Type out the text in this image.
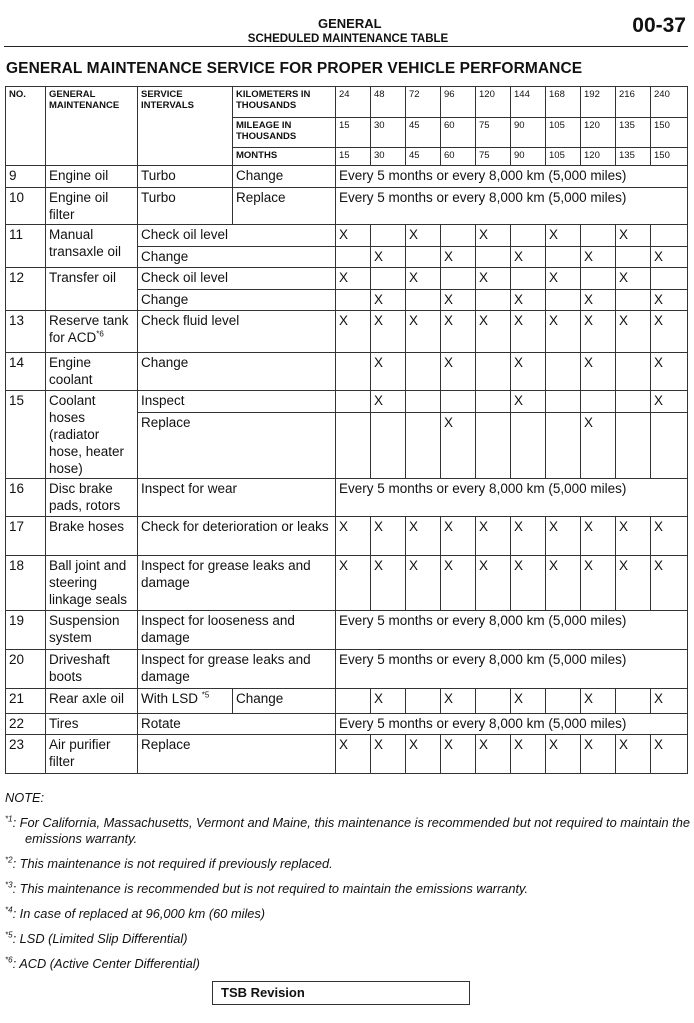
GENERAL
SCHEDULED MAINTENANCE TABLE
00-37
GENERAL MAINTENANCE SERVICE FOR PROPER VEHICLE PERFORMANCE
NO.	GENERAL MAINTENANCE	SERVICE INTERVALS	KILOMETERS IN THOUSANDS	24	48	72	96	120	144	168	192	216	240
			MILEAGE IN THOUSANDS	15	30	45	60	75	90	105	120	135	150
			MONTHS	15	30	45	60	75	90	105	120	135	150
9	Engine oil	Turbo	Change	Every 5 months or every 8,000 km (5,000 miles)									
10	Engine oil filter	Turbo	Replace	Every 5 months or every 8,000 km (5,000 miles)									
11	Manual transaxle oil	Check oil level		X		X		X		X		X	
		Change			X		X		X		X		X
12	Transfer oil	Check oil level		X		X		X		X		X	
		Change			X		X		X		X		X
13	Reserve tank for ACD$^{*6}$	Check fluid level		X	X	X	X	X	X	X	X	X	X
14	Engine coolant	Change			X		X		X		X		X
15	Coolant hoses (radiator hose, heater hose)	Inspect			X				X				X
		Replace					X				X		
16	Disc brake pads, rotors	Inspect for wear		Every 5 months or every 8,000 km (5,000 miles)									
17	Brake hoses	Check for deterioration or leaks		X	X	X	X	X	X	X	X	X	X
18	Ball joint and steering linkage seals	Inspect for grease leaks and damage		X	X	X	X	X	X	X	X	X	X
19	Suspension system	Inspect for looseness and damage		Every 5 months or every 8,000 km (5,000 miles)									
20	Driveshaft boots	Inspect for grease leaks and damage		Every 5 months or every 8,000 km (5,000 miles)									
21	Rear axle oil	With LSD $^{*5}$	Change		X		X		X		X		X
22	Tires	Rotate		Every 5 months or every 8,000 km (5,000 miles)									
23	Air purifier filter	Replace		X	X	X	X	X	X	X	X	X	X
NOTE:

$^{*1}$: For California, Massachusetts, Vermont and Maine, this maintenance is recommended but not required to maintain the emissions warranty.

$^{*2}$: This maintenance is not required if previously replaced.

$^{*3}$: This maintenance is recommended but is not required to maintain the emissions warranty.

$^{*4}$: In case of replaced at 96,000 km (60 miles)

$^{*5}$: LSD (Limited Slip Differential)

$^{*6}$: ACD (Active Center Differential)

TSB Revision
